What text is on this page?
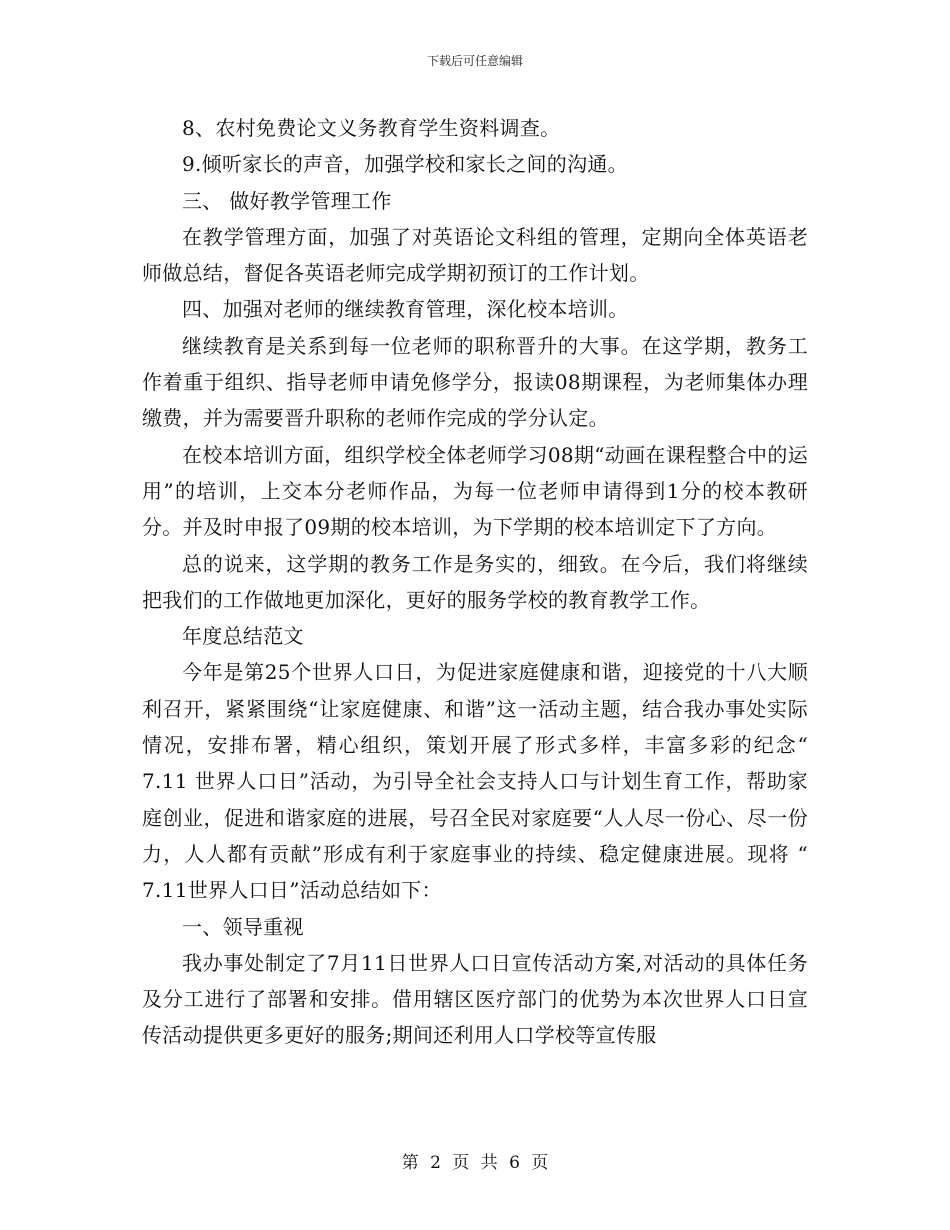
下载后可任意编辑

8、农村免费论文义务教育学生资料调查。

9.倾听家长的声音，加强学校和家长之间的沟通。

三、 做好教学管理工作

在教学管理方面，加强了对英语论文科组的管理，定期向全体英语老师做总结，督促各英语老师完成学期初预订的工作计划。

四、加强对老师的继续教育管理，深化校本培训。

继续教育是关系到每一位老师的职称晋升的大事。在这学期，教务工作着重于组织、指导老师申请免修学分，报读08期课程，为老师集体办理缴费，并为需要晋升职称的老师作完成的学分认定。

在校本培训方面，组织学校全体老师学习08期“动画在课程整合中的运用”的培训，上交本分老师作品，为每一位老师申请得到1分的校本教研分。并及时申报了09期的校本培训，为下学期的校本培训定下了方向。

总的说来，这学期的教务工作是务实的，细致。在今后，我们将继续把我们的工作做地更加深化，更好的服务学校的教育教学工作。

年度总结范文

今年是第25个世界人口日，为促进家庭健康和谐，迎接党的十八大顺利召开，紧紧围绕“让家庭健康、和谐”这一活动主题，结合我办事处实际情况，安排布署，精心组织，策划开展了形式多样，丰富多彩的纪念“ 7.11 世界人口日”活动，为引导全社会支持人口与计划生育工作，帮助家庭创业，促进和谐家庭的进展，号召全民对家庭要“人人尽一份心、尽一份力，人人都有贡献”形成有利于家庭事业的持续、稳定健康进展。现将 “ 7.11世界人口日”活动总结如下：

一、领导重视

我办事处制定了7月11日世界人口日宣传活动方案,对活动的具体任务及分工进行了部署和安排。借用辖区医疗部门的优势为本次世界人口日宣传活动提供更多更好的服务;期间还利用人口学校等宣传服

第 2 页 共 6 页
